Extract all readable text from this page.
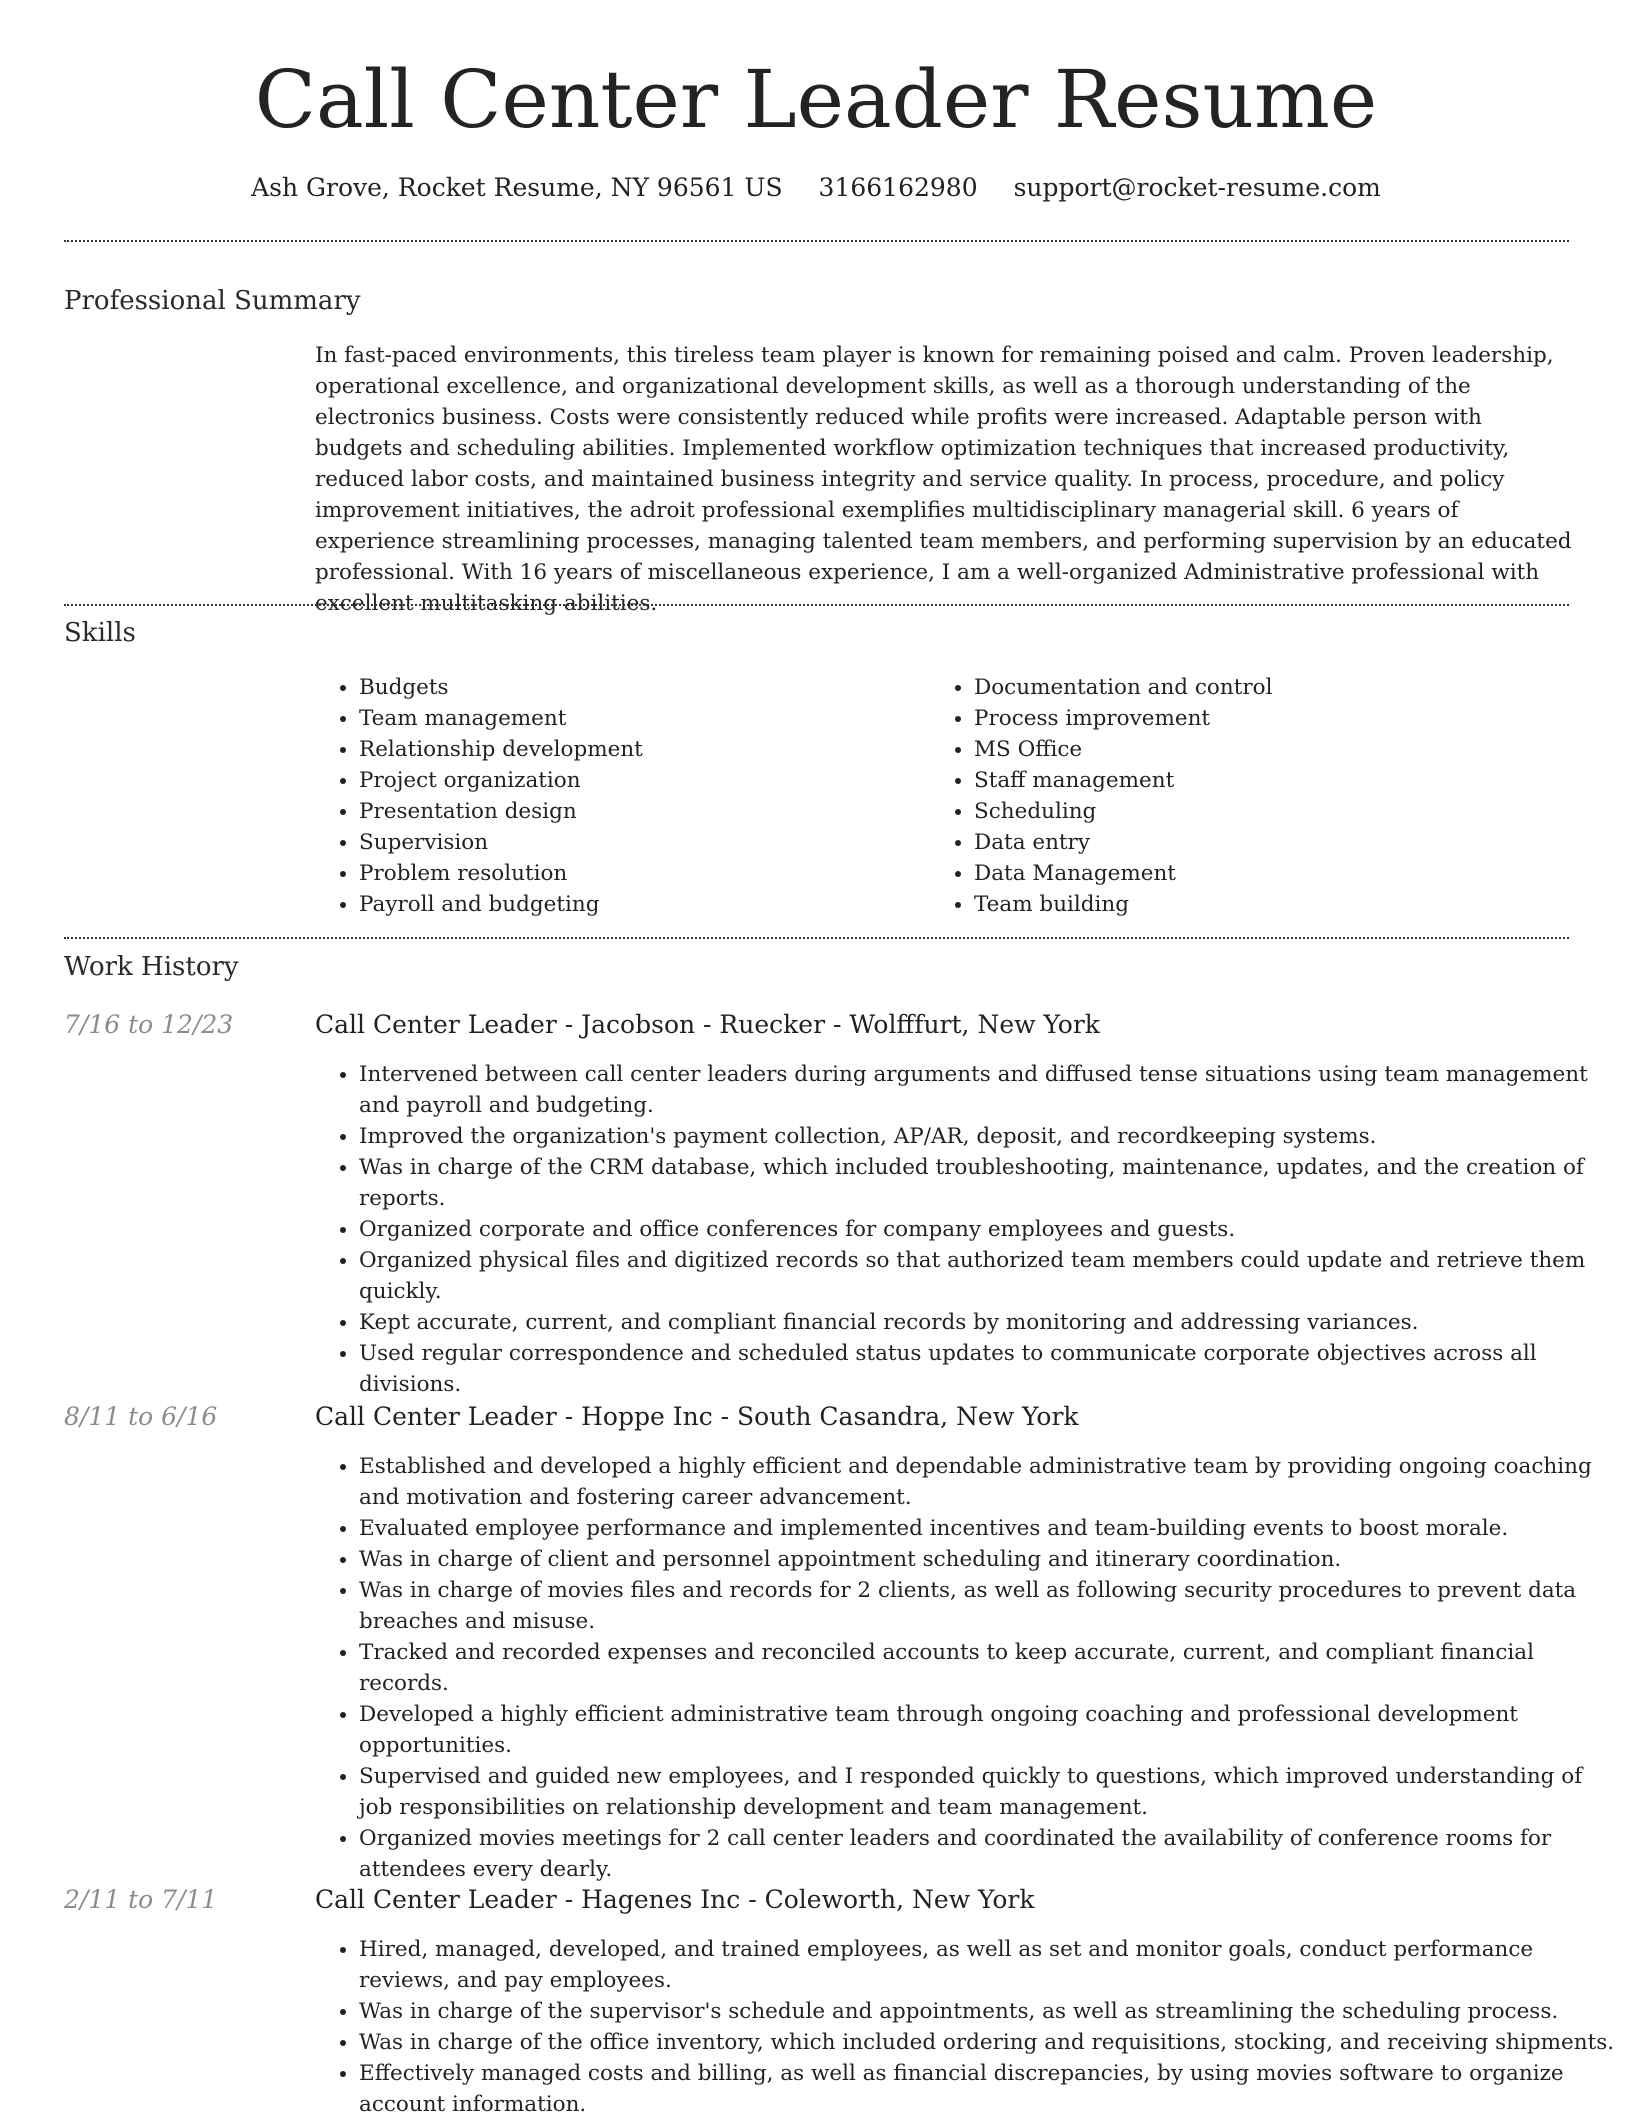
Call Center Leader Resume
Ash Grove, Rocket Resume, NY 96561 US 3166162980 support@rocket-resume.com
Professional Summary

In fast-paced environments, this tireless team player is known for remaining poised and calm. Proven leadership, operational excellence, and organizational development skills, as well as a thorough understanding of the electronics business. Costs were consistently reduced while profits were increased. Adaptable person with budgets and scheduling abilities. Implemented workflow optimization techniques that increased productivity, reduced labor costs, and maintained business integrity and service quality. In process, procedure, and policy improvement initiatives, the adroit professional exemplifies multidisciplinary managerial skill. 6 years of experience streamlining processes, managing talented team members, and performing supervision by an educated professional. With 16 years of miscellaneous experience, I am a well-organized Administrative professional with excellent multitasking abilities.

Skills
• Budgets
• Team management
• Relationship development
• Project organization
• Presentation design
• Supervision
• Problem resolution
• Payroll and budgeting
• Documentation and control
• Process improvement
• MS Office
• Staff management
• Scheduling
• Data entry
• Data Management
• Team building
Work History
7/16 to 12/23	Call Center Leader - Jacobson - Ruecker - Wolfffurt, New York
• Intervened between call center leaders during arguments and diffused tense situations using team management and payroll and budgeting.
• Improved the organization's payment collection, AP/AR, deposit, and recordkeeping systems.
• Was in charge of the CRM database, which included troubleshooting, maintenance, updates, and the creation of reports.
• Organized corporate and office conferences for company employees and guests.
• Organized physical files and digitized records so that authorized team members could update and retrieve them quickly.
• Kept accurate, current, and compliant financial records by monitoring and addressing variances.
• Used regular correspondence and scheduled status updates to communicate corporate objectives across all divisions.
8/11 to 6/16	Call Center Leader - Hoppe Inc - South Casandra, New York
• Established and developed a highly efficient and dependable administrative team by providing ongoing coaching and motivation and fostering career advancement.
• Evaluated employee performance and implemented incentives and team-building events to boost morale.
• Was in charge of client and personnel appointment scheduling and itinerary coordination.
• Was in charge of movies files and records for 2 clients, as well as following security procedures to prevent data breaches and misuse.
• Tracked and recorded expenses and reconciled accounts to keep accurate, current, and compliant financial records.
• Developed a highly efficient administrative team through ongoing coaching and professional development opportunities.
• Supervised and guided new employees, and I responded quickly to questions, which improved understanding of job responsibilities on relationship development and team management.
• Organized movies meetings for 2 call center leaders and coordinated the availability of conference rooms for attendees every dearly.
2/11 to 7/11	Call Center Leader - Hagenes Inc - Coleworth, New York
• Hired, managed, developed, and trained employees, as well as set and monitor goals, conduct performance reviews, and pay employees.
• Was in charge of the supervisor's schedule and appointments, as well as streamlining the scheduling process.
• Was in charge of the office inventory, which included ordering and requisitions, stocking, and receiving shipments.
• Effectively managed costs and billing, as well as financial discrepancies, by using movies software to organize account information.
